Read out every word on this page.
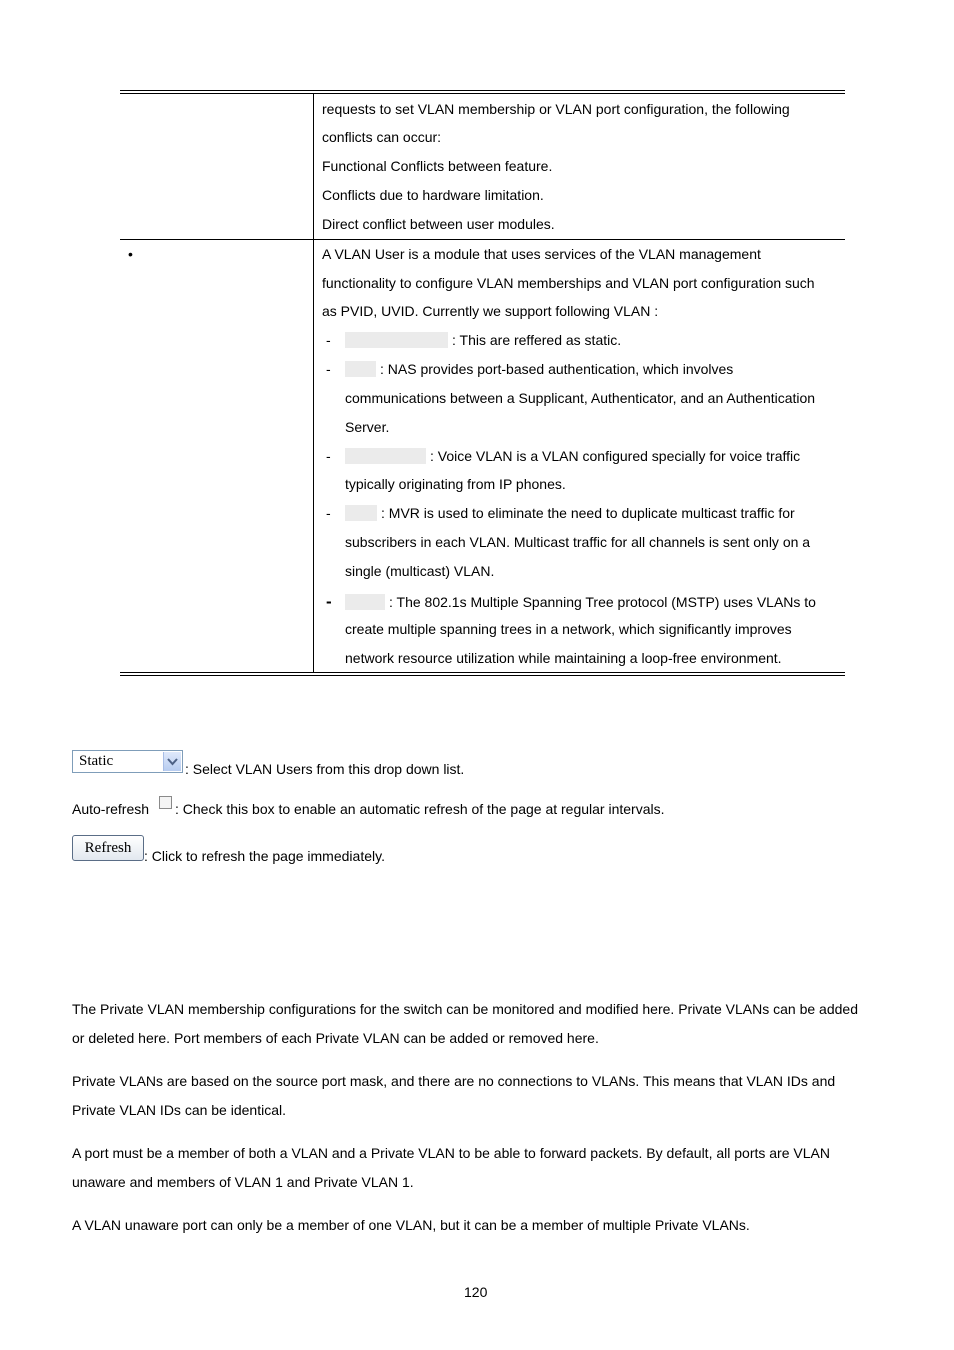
requests to set VLAN membership or VLAN port configuration, the following
conflicts can occur:
Functional Conflicts between feature.
Conflicts due to hardware limitation.
Direct conflict between user modules.
•	A VLAN User is a module that uses services of the VLAN management
functionality to configure VLAN memberships and VLAN port configuration such
as PVID, UVID. Currently we support following VLAN :
-	: This are reffered as static.
-	: NAS provides port-based authentication, which involves
communications between a Supplicant, Authenticator, and an Authentication
Server.
-	: Voice VLAN is a VLAN configured specially for voice traffic
typically originating from IP phones.
-	: MVR is used to eliminate the need to duplicate multicast traffic for
subscribers in each VLAN. Multicast traffic for all channels is sent only on a
single (multicast) VLAN.
-	: The 802.1s Multiple Spanning Tree protocol (MSTP) uses VLANs to
create multiple spanning trees in a network, which significantly improves
network resource utilization while maintaining a loop-free environment.
Static	: Select VLAN Users from this drop down list.
Auto-refresh : Check this box to enable an automatic refresh of the page at regular intervals.
Refresh : Click to refresh the page immediately.
The Private VLAN membership configurations for the switch can be monitored and modified here. Private VLANs can be added
or deleted here. Port members of each Private VLAN can be added or removed here.
Private VLANs are based on the source port mask, and there are no connections to VLANs. This means that VLAN IDs and
Private VLAN IDs can be identical.
A port must be a member of both a VLAN and a Private VLAN to be able to forward packets. By default, all ports are VLAN
unaware and members of VLAN 1 and Private VLAN 1.
A VLAN unaware port can only be a member of one VLAN, but it can be a member of multiple Private VLANs.
120
